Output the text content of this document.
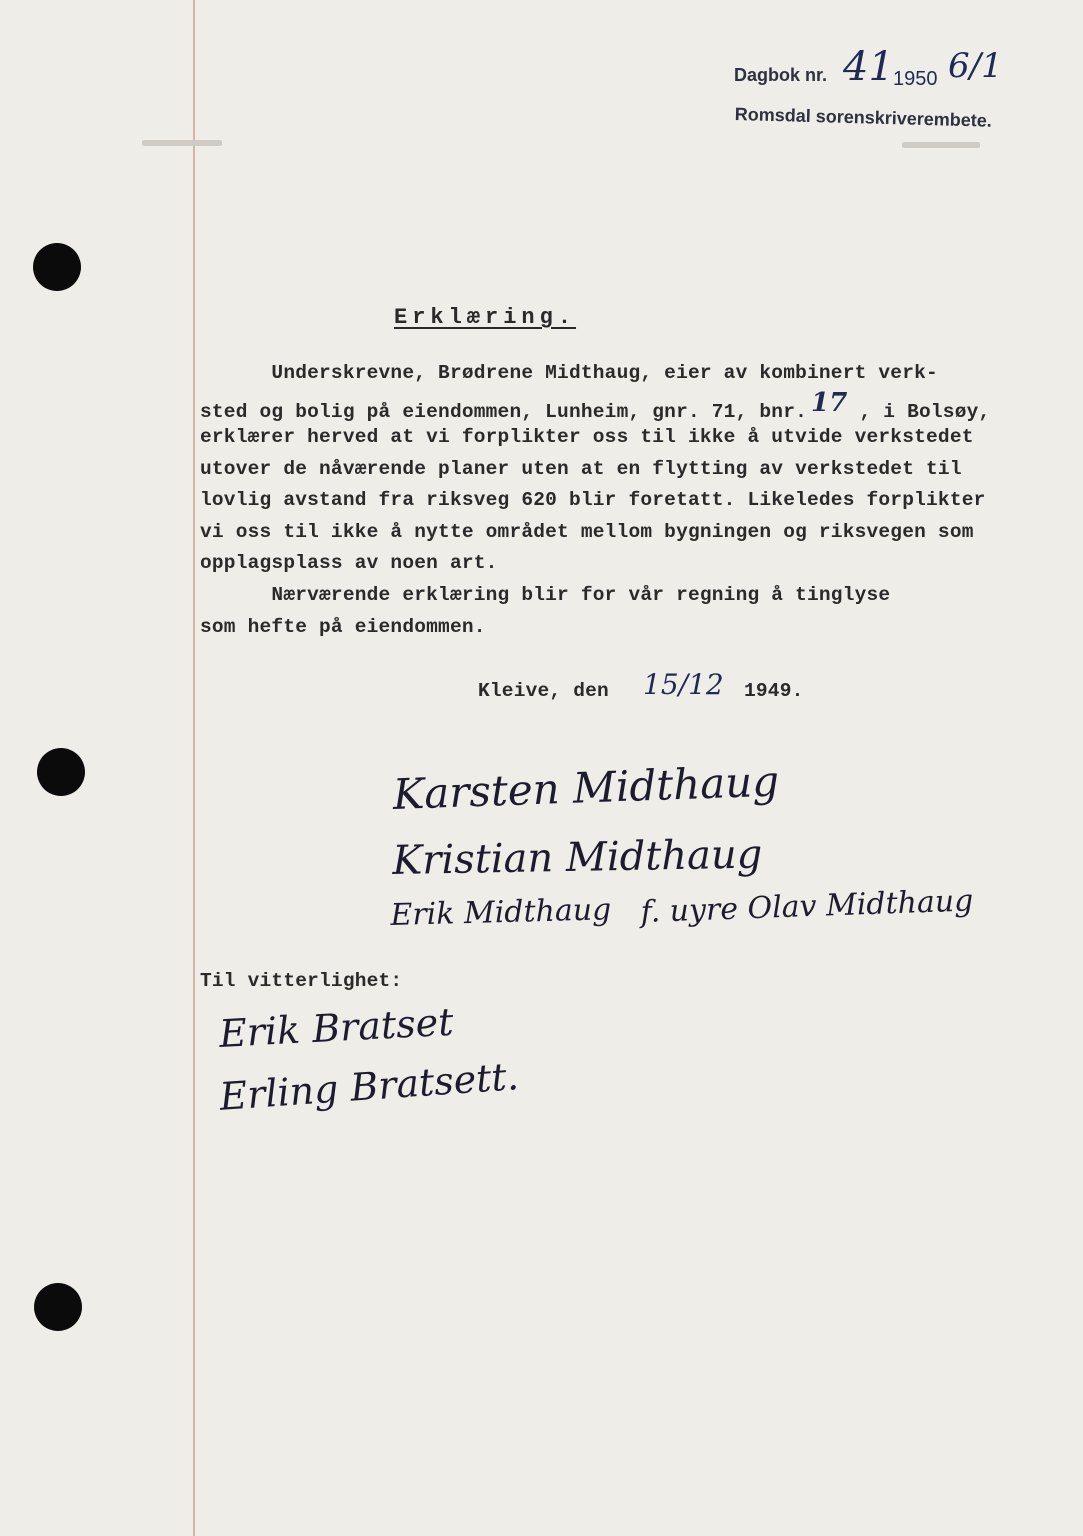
Dagbok nr. 41 1950 6/1
Romsdal sorenskriverembete.
Erklæring.
Underskrevne, Brødrene Midthaug, eier av kombinert verk-
sted og bolig på eiendommen, Lunheim, gnr. 71, bnr. 17 , i Bolsøy,
erklærer herved at vi forplikter oss til ikke å utvide verkstedet
utover de nåværende planer uten at en flytting av verkstedet til
lovlig avstand fra riksveg 620 blir foretatt. Likeledes forplikter
vi oss til ikke å nytte området mellom bygningen og riksvegen som
opplagsplass av noen art.
Nærværende erklæring blir for vår regning å tinglyse
som hefte på eiendommen.
Kleive, den 15/12 1949.
Karsten Midthaug
Kristian Midthaug
Erik Midthaug f. uyre Olav Midthaug
Til vitterlighet:
Erik Bratset
Erling Bratsett.
